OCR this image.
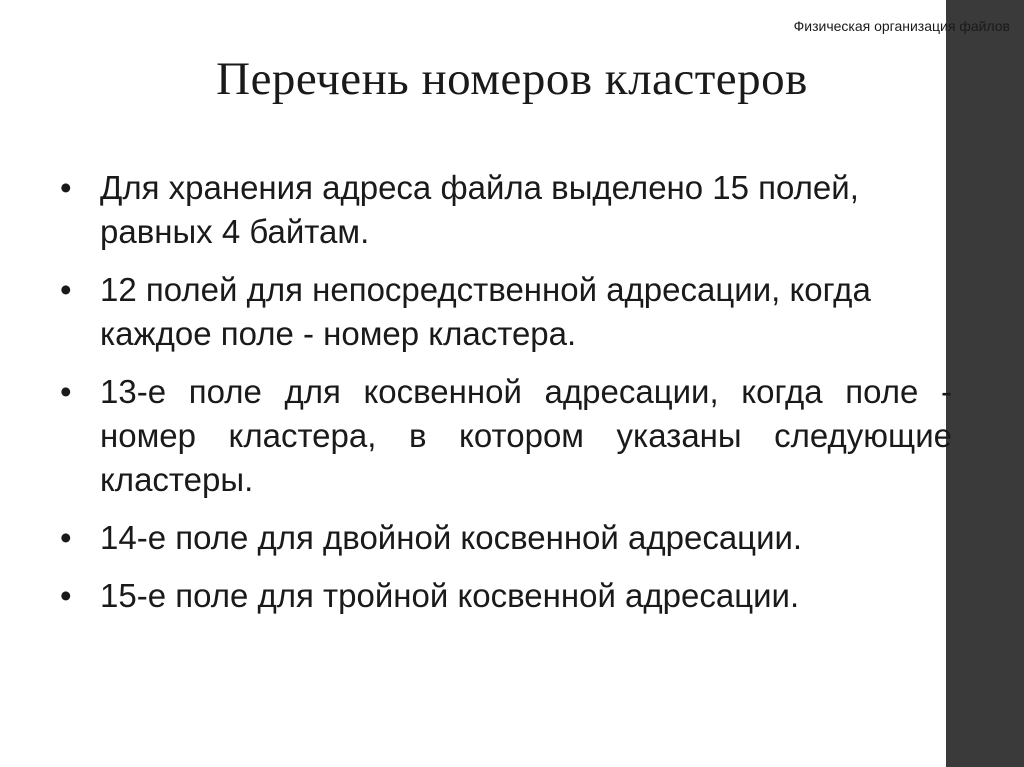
Физическая организация файлов
Перечень номеров кластеров
• Для хранения адреса файла выделено 15 полей, равных 4 байтам.
• 12 полей для непосредственной адресации, когда каждое поле - номер кластера.
• 13-е поле для косвенной адресации, когда поле - номер кластера, в котором указаны следующие кластеры.
• 14-е поле для двойной косвенной адресации.
• 15-е поле для тройной косвенной адресации.
